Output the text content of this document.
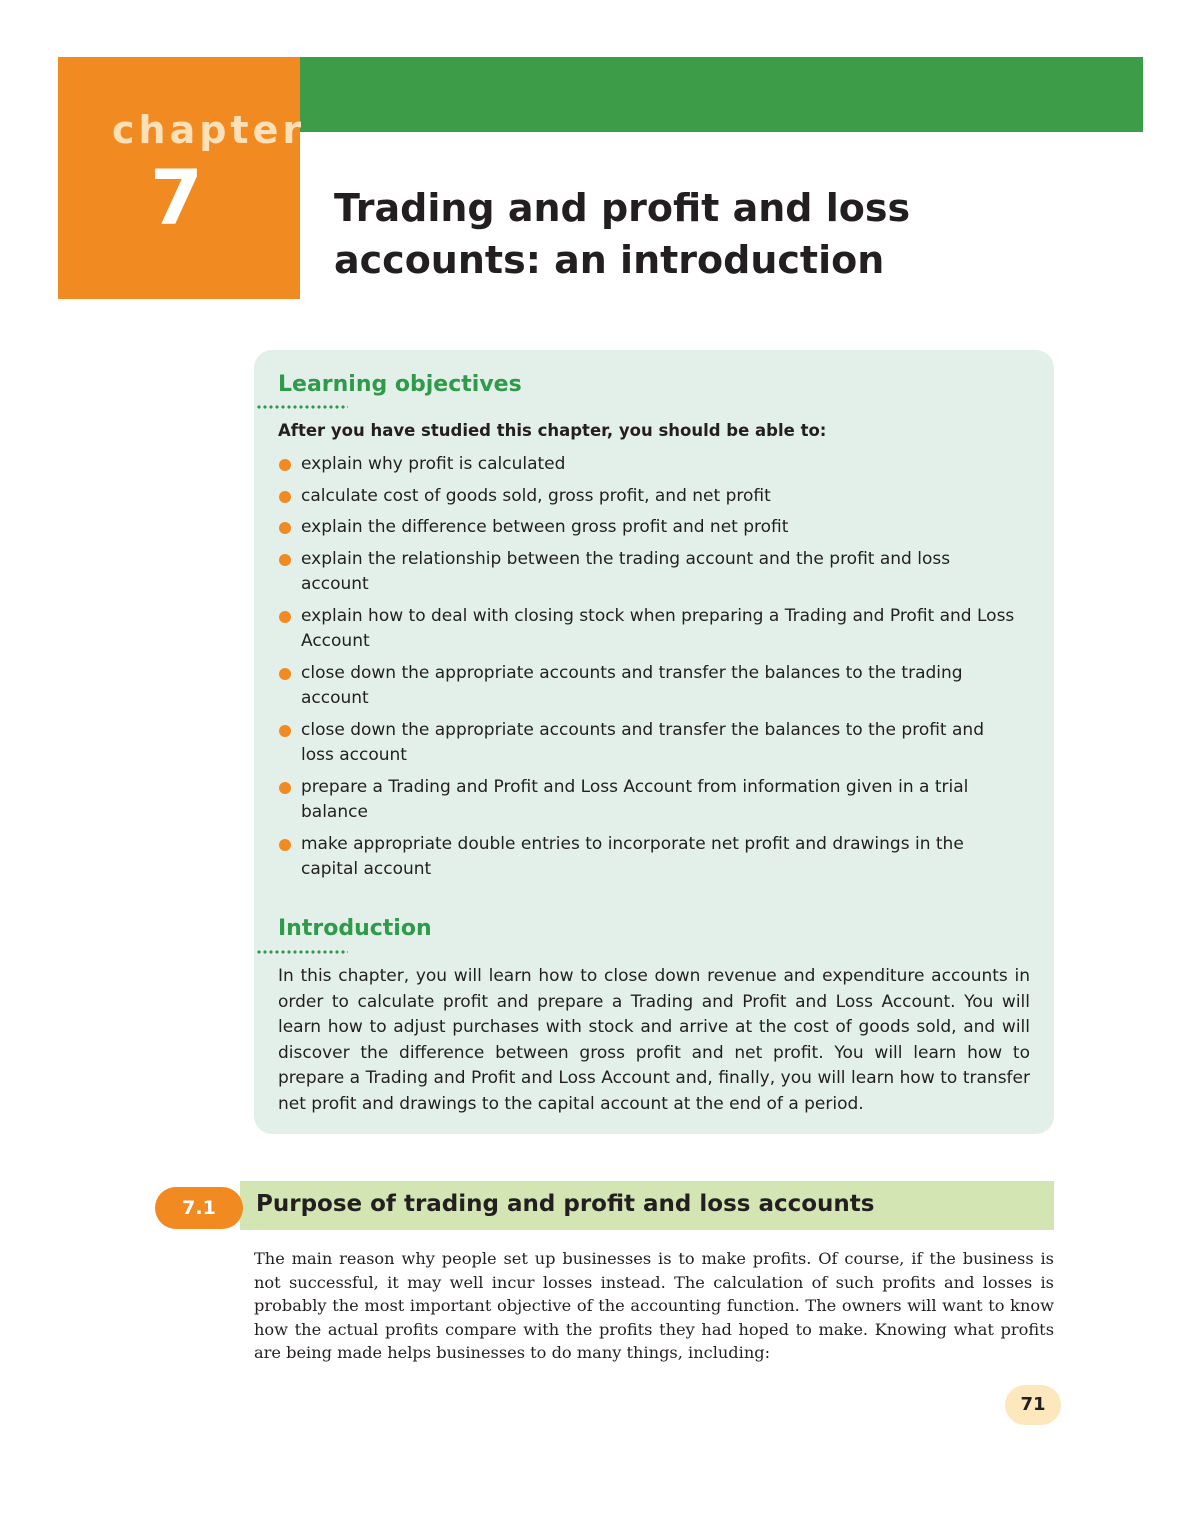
chapter
7	Trading and profit and loss
accounts: an introduction
Learning objectives
After you have studied this chapter, you should be able to:
explain why profit is calculated
calculate cost of goods sold, gross profit, and net profit
explain the difference between gross profit and net profit
explain the relationship between the trading account and the profit and loss account
explain how to deal with closing stock when preparing a Trading and Profit and Loss Account
close down the appropriate accounts and transfer the balances to the trading account
close down the appropriate accounts and transfer the balances to the profit and loss account
prepare a Trading and Profit and Loss Account from information given in a trial balance
make appropriate double entries to incorporate net profit and drawings in the capital account
Introduction

In this chapter, you will learn how to close down revenue and expenditure accounts in order to calculate profit and prepare a Trading and Profit and Loss Account. You will learn how to adjust purchases with stock and arrive at the cost of goods sold, and will discover the difference between gross profit and net profit. You will learn how to prepare a Trading and Profit and Loss Account and, finally, you will learn how to transfer net profit and drawings to the capital account at the end of a period.

7.1	Purpose of trading and profit and loss accounts

The main reason why people set up businesses is to make profits. Of course, if the business is not successful, it may well incur losses instead. The calculation of such profits and losses is probably the most important objective of the accounting function. The owners will want to know how the actual profits compare with the profits they had hoped to make. Knowing what profits are being made helps businesses to do many things, including:

71
